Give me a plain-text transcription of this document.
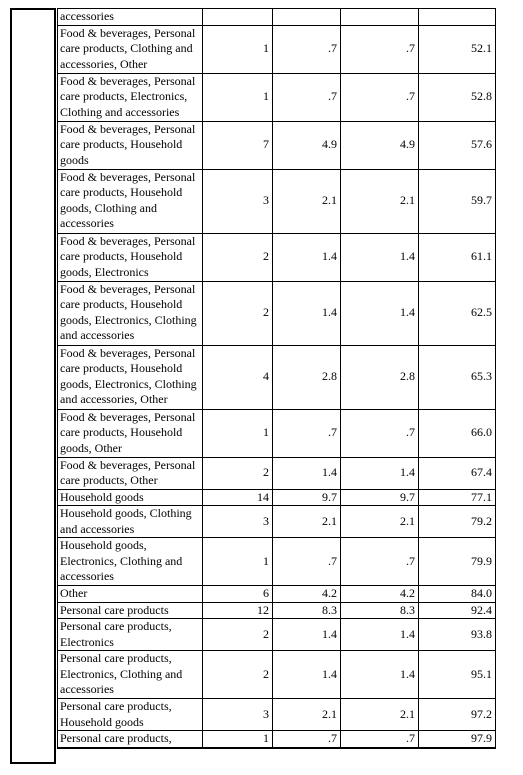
accessories				
Food & beverages, Personal care products, Clothing and accessories, Other	1	.7	.7	52.1
Food & beverages, Personal care products, Electronics, Clothing and accessories	1	.7	.7	52.8
Food & beverages, Personal care products, Household goods	7	4.9	4.9	57.6
Food & beverages, Personal care products, Household goods, Clothing and accessories	3	2.1	2.1	59.7
Food & beverages, Personal care products, Household goods, Electronics	2	1.4	1.4	61.1
Food & beverages, Personal care products, Household goods, Electronics, Clothing and accessories	2	1.4	1.4	62.5
Food & beverages, Personal care products, Household goods, Electronics, Clothing and accessories, Other	4	2.8	2.8	65.3
Food & beverages, Personal care products, Household goods, Other	1	.7	.7	66.0
Food & beverages, Personal care products, Other	2	1.4	1.4	67.4
Household goods	14	9.7	9.7	77.1
Household goods, Clothing and accessories	3	2.1	2.1	79.2
Household goods, Electronics, Clothing and accessories	1	.7	.7	79.9
Other	6	4.2	4.2	84.0
Personal care products	12	8.3	8.3	92.4
Personal care products, Electronics	2	1.4	1.4	93.8
Personal care products, Electronics, Clothing and accessories	2	1.4	1.4	95.1
Personal care products, Household goods	3	2.1	2.1	97.2
Personal care products,	1	.7	.7	97.9
